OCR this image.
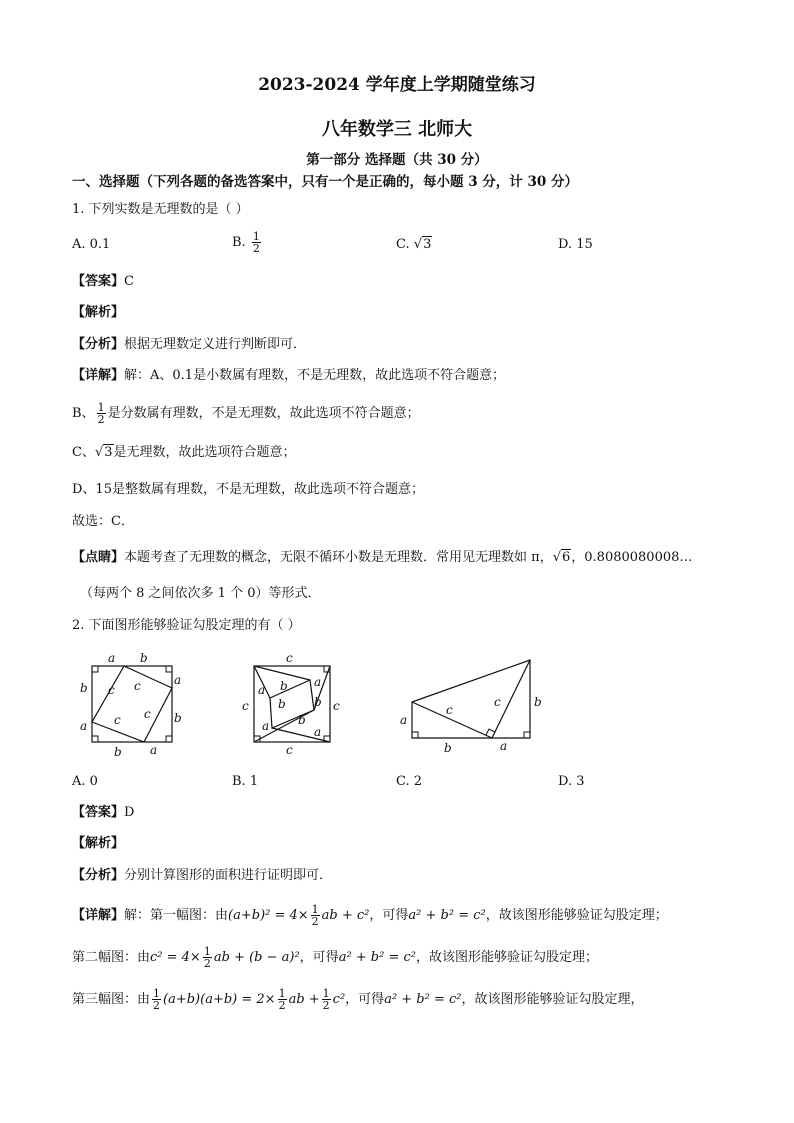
2023-2024 学年度上学期随堂练习
八年数学三 北师大
第一部分 选择题（共 30 分）
一、选择题（下列各题的备选答案中，只有一个是正确的，每小题 3 分，计 30 分）
1. 下列实数是无理数的是（ ）
A. 0.1	B. $\frac{1}{2}$	C. √3	D. 15
【答案】C
【解析】
【分析】根据无理数定义进行判断即可．
【详解】解：A、0.1是小数属有理数，不是无理数，故此选项不符合题意；
B、 $\frac{1}{2}$ 是分数属有理数，不是无理数，故此选项不符合题意；
C、√3是无理数，故此选项符合题意；
D、15是整数属有理数，不是无理数，故此选项不符合题意；
故选：C．
【点睛】本题考查了无理数的概念，无限不循环小数是无理数．常用见无理数如 π，√6，0.8080080008…
（每两个 8 之间依次多 1 个 0）等形式．
2. 下面图形能够验证勾股定理的有（ ）
a b
b
a
a
b
b a
c c
c c
c
c	c
c
a b a
b
b
a b
a
a
b	a
b
c
c
A. 0	B. 1	C. 2	D. 3
【答案】D
【解析】
【分析】分别计算图形的面积进行证明即可．
【详解】解：第一幅图：由$(a+b)^2 = 4\times \frac{1}{2}$ ab + c²，可得a² + b² = c²，故该图形能够验证勾股定理；
第二幅图：由$c^2 = 4\times \frac{1}{2}$ ab + (b − a)²，可得a² + b² = c²，故该图形能够验证勾股定理；
第三幅图：由 $\frac{1}{2} (a+b)(a+b) = 2\times \frac{1}{2}$ ab + $\frac{1}{2} c^2$，可得a² + b² = c²，故该图形能够验证勾股定理，
